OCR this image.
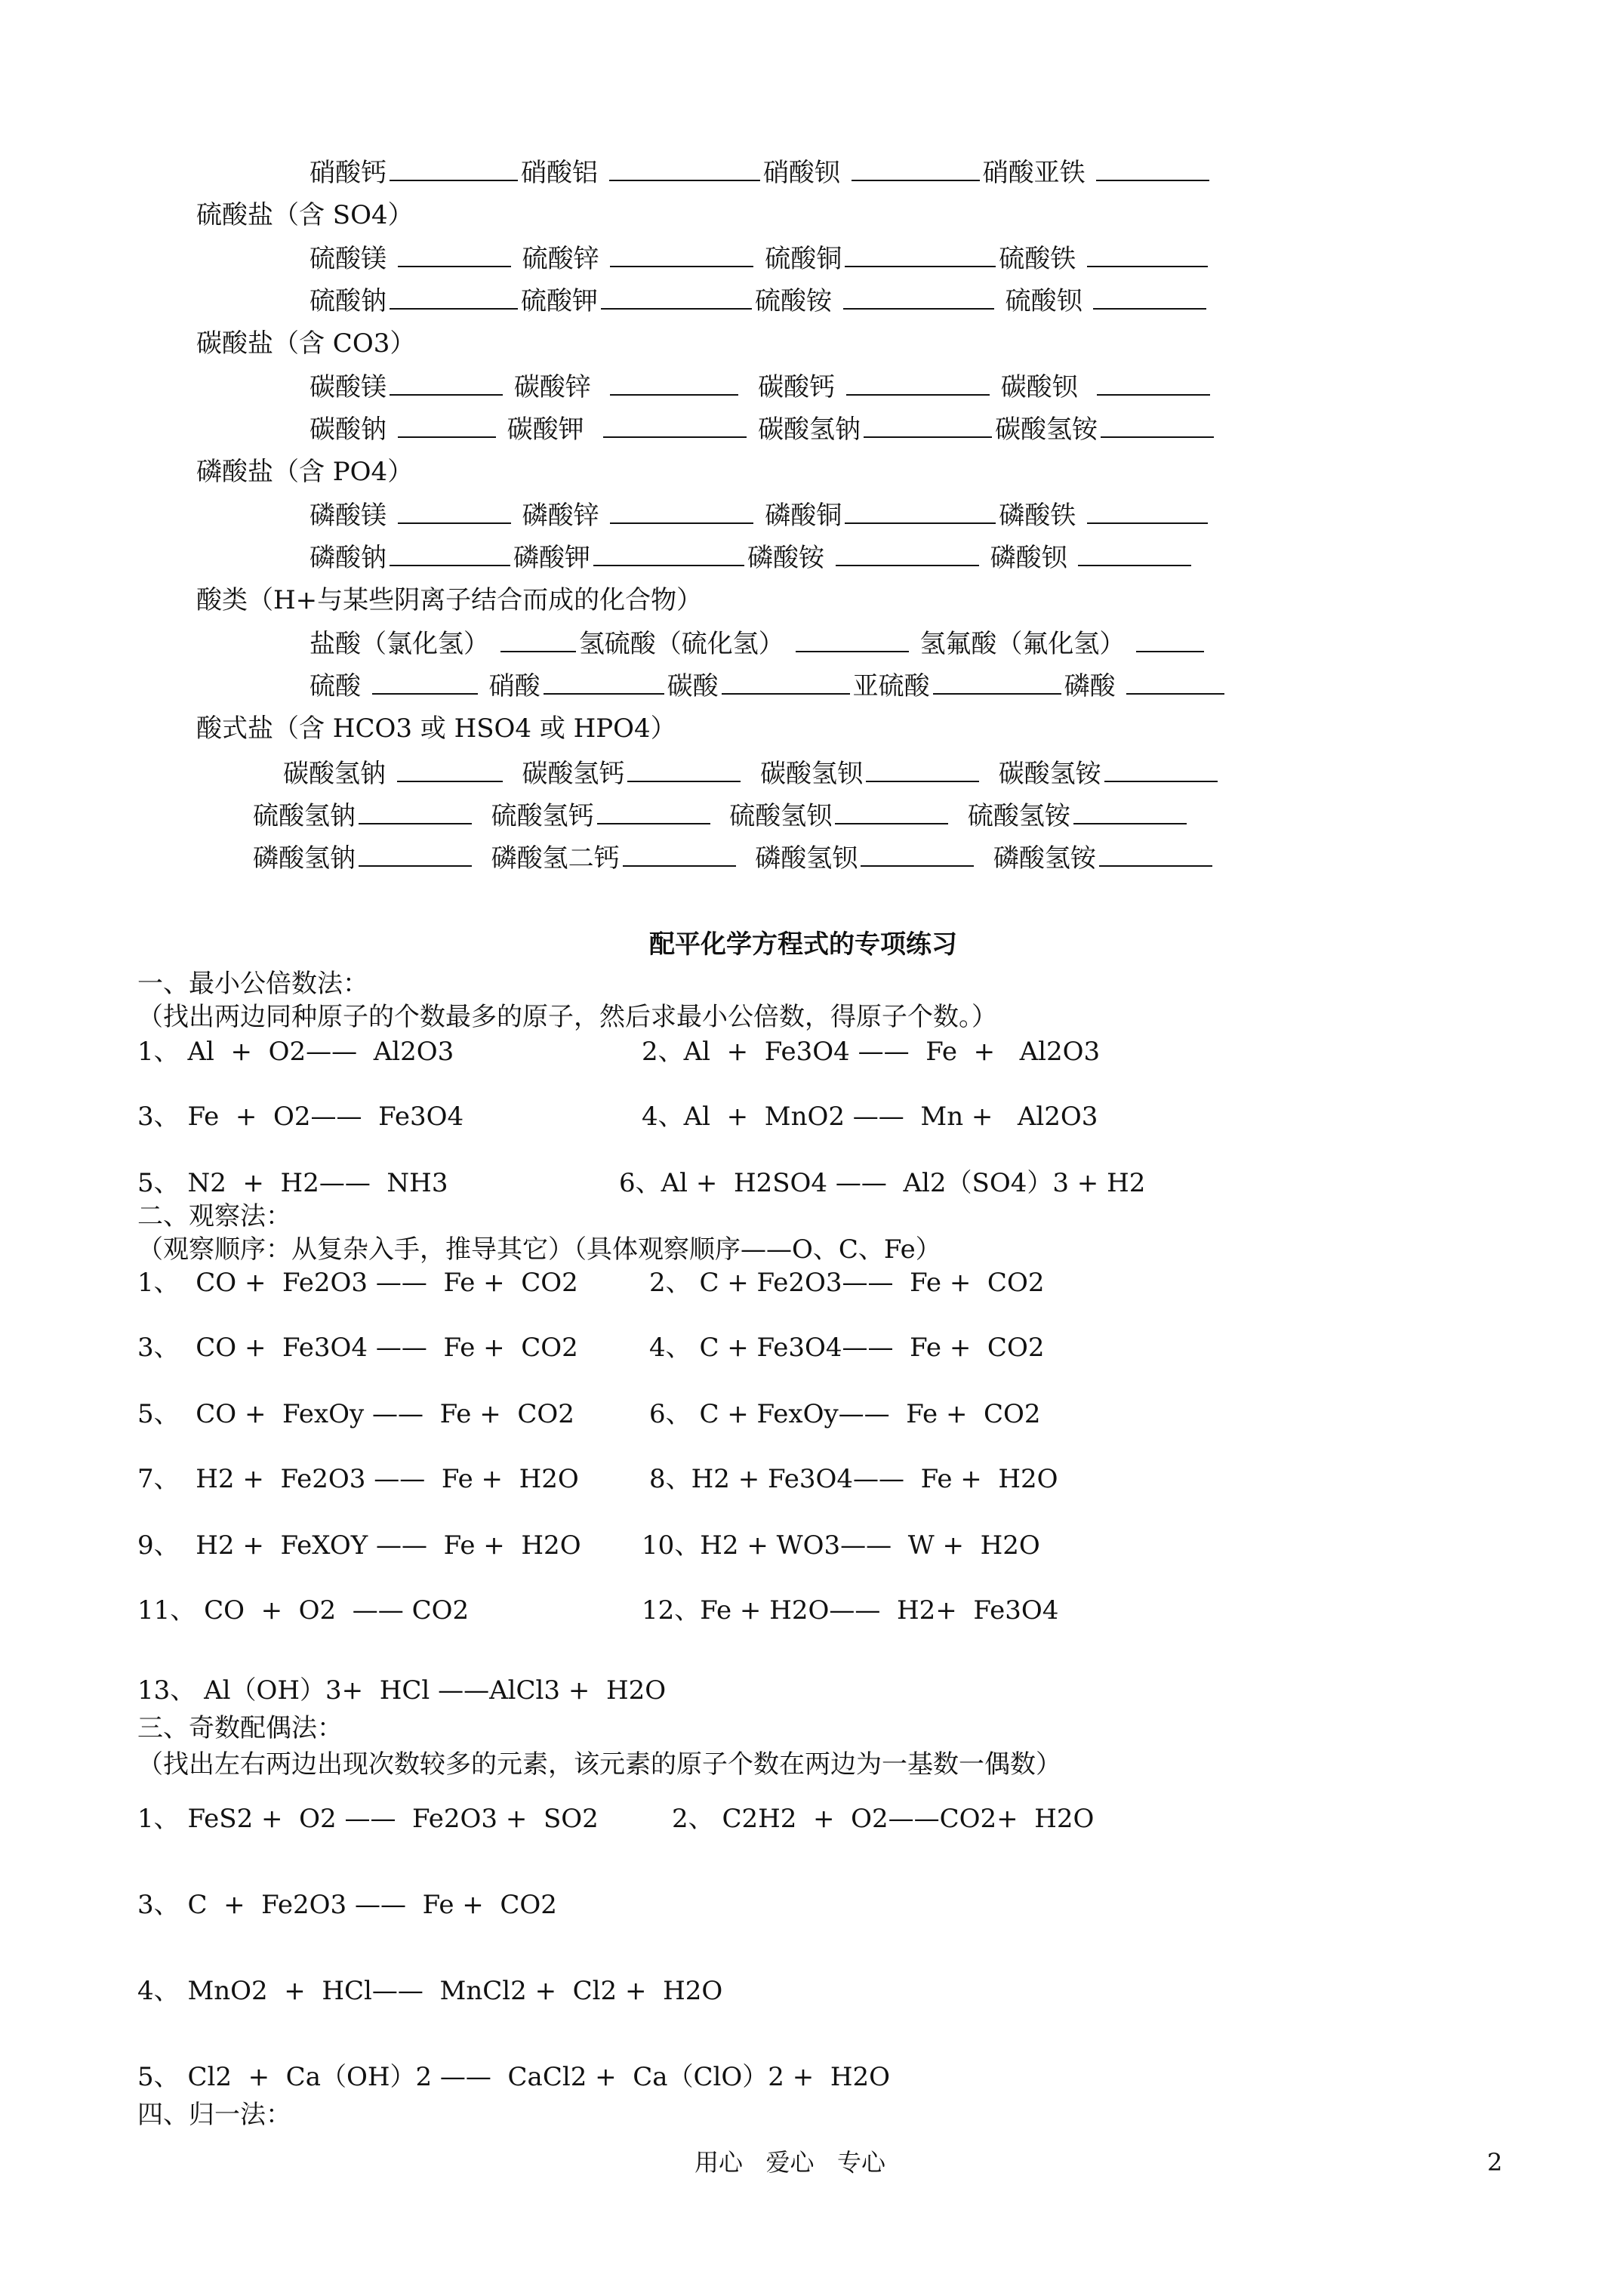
硝酸钙	硝酸铝	硝酸钡	硝酸亚铁
硫酸盐（含 SO4）
硫酸镁	硫酸锌	硫酸铜	硫酸铁
硫酸钠	硫酸钾	硫酸铵	硫酸钡
碳酸盐（含 CO3）
碳酸镁	碳酸锌	碳酸钙	碳酸钡
碳酸钠	碳酸钾	碳酸氢钠	碳酸氢铵
磷酸盐（含 PO4）
磷酸镁	磷酸锌	磷酸铜	磷酸铁
磷酸钠	磷酸钾	磷酸铵	磷酸钡
酸类（H+与某些阴离子结合而成的化合物）
盐酸（氯化氢）	氢硫酸（硫化氢）	氢氟酸（氟化氢）
硫酸	硝酸	碳酸	亚硫酸	磷酸
酸式盐（含 HCO3 或 HSO4 或 HPO4）
碳酸氢钠	碳酸氢钙	碳酸氢钡	碳酸氢铵
硫酸氢钠	硫酸氢钙	硫酸氢钡	硫酸氢铵
磷酸氢钠	磷酸氢二钙	磷酸氢钡	磷酸氢铵
配平化学方程式的专项练习
一、最小公倍数法：
（找出两边同种原子的个数最多的原子，然后求最小公倍数，得原子个数。）
1、 Al  +  O2——  Al2O3	2、Al  +  Fe3O4 ——  Fe  +   Al2O3
3、 Fe  +  O2——  Fe3O4	4、Al  +  MnO2 ——  Mn +   Al2O3
5、 N2  +  H2——  NH3	6、Al +  H2SO4 ——  Al2（SO4）3 + H2
二、观察法：
（观察顺序：从复杂入手，推导其它）（具体观察顺序——O、C、Fe）
1、  CO +  Fe2O3 ——  Fe +  CO2	2、 C + Fe2O3——  Fe +  CO2
3、  CO +  Fe3O4 ——  Fe +  CO2	4、 C + Fe3O4——  Fe +  CO2
5、  CO +  FexOy ——  Fe +  CO2	6、 C + FexOy——  Fe +  CO2
7、  H2 +  Fe2O3 ——  Fe +  H2O	8、H2 + Fe3O4——  Fe +  H2O
9、  H2 +  FeXOY ——  Fe +  H2O 10、H2 + WO3——  W +  H2O
11、 CO  +  O2  —— CO2	12、Fe + H2O——  H2+  Fe3O4
13、 Al（OH）3+  HCl ——AlCl3 +  H2O
三、奇数配偶法：
（找出左右两边出现次数较多的元素，该元素的原子个数在两边为一基数一偶数）
1、 FeS2 +  O2 ——  Fe2O3 +  SO2	2、 C2H2  +  O2——CO2+  H2O
3、 C  +  Fe2O3 ——  Fe +  CO2
4、 MnO2  +  HCl——  MnCl2 +  Cl2 +  H2O
5、 Cl2  +  Ca（OH）2 ——  CaCl2 +  Ca（ClO）2 +  H2O
四、归一法：
用心   爱心   专心	2
